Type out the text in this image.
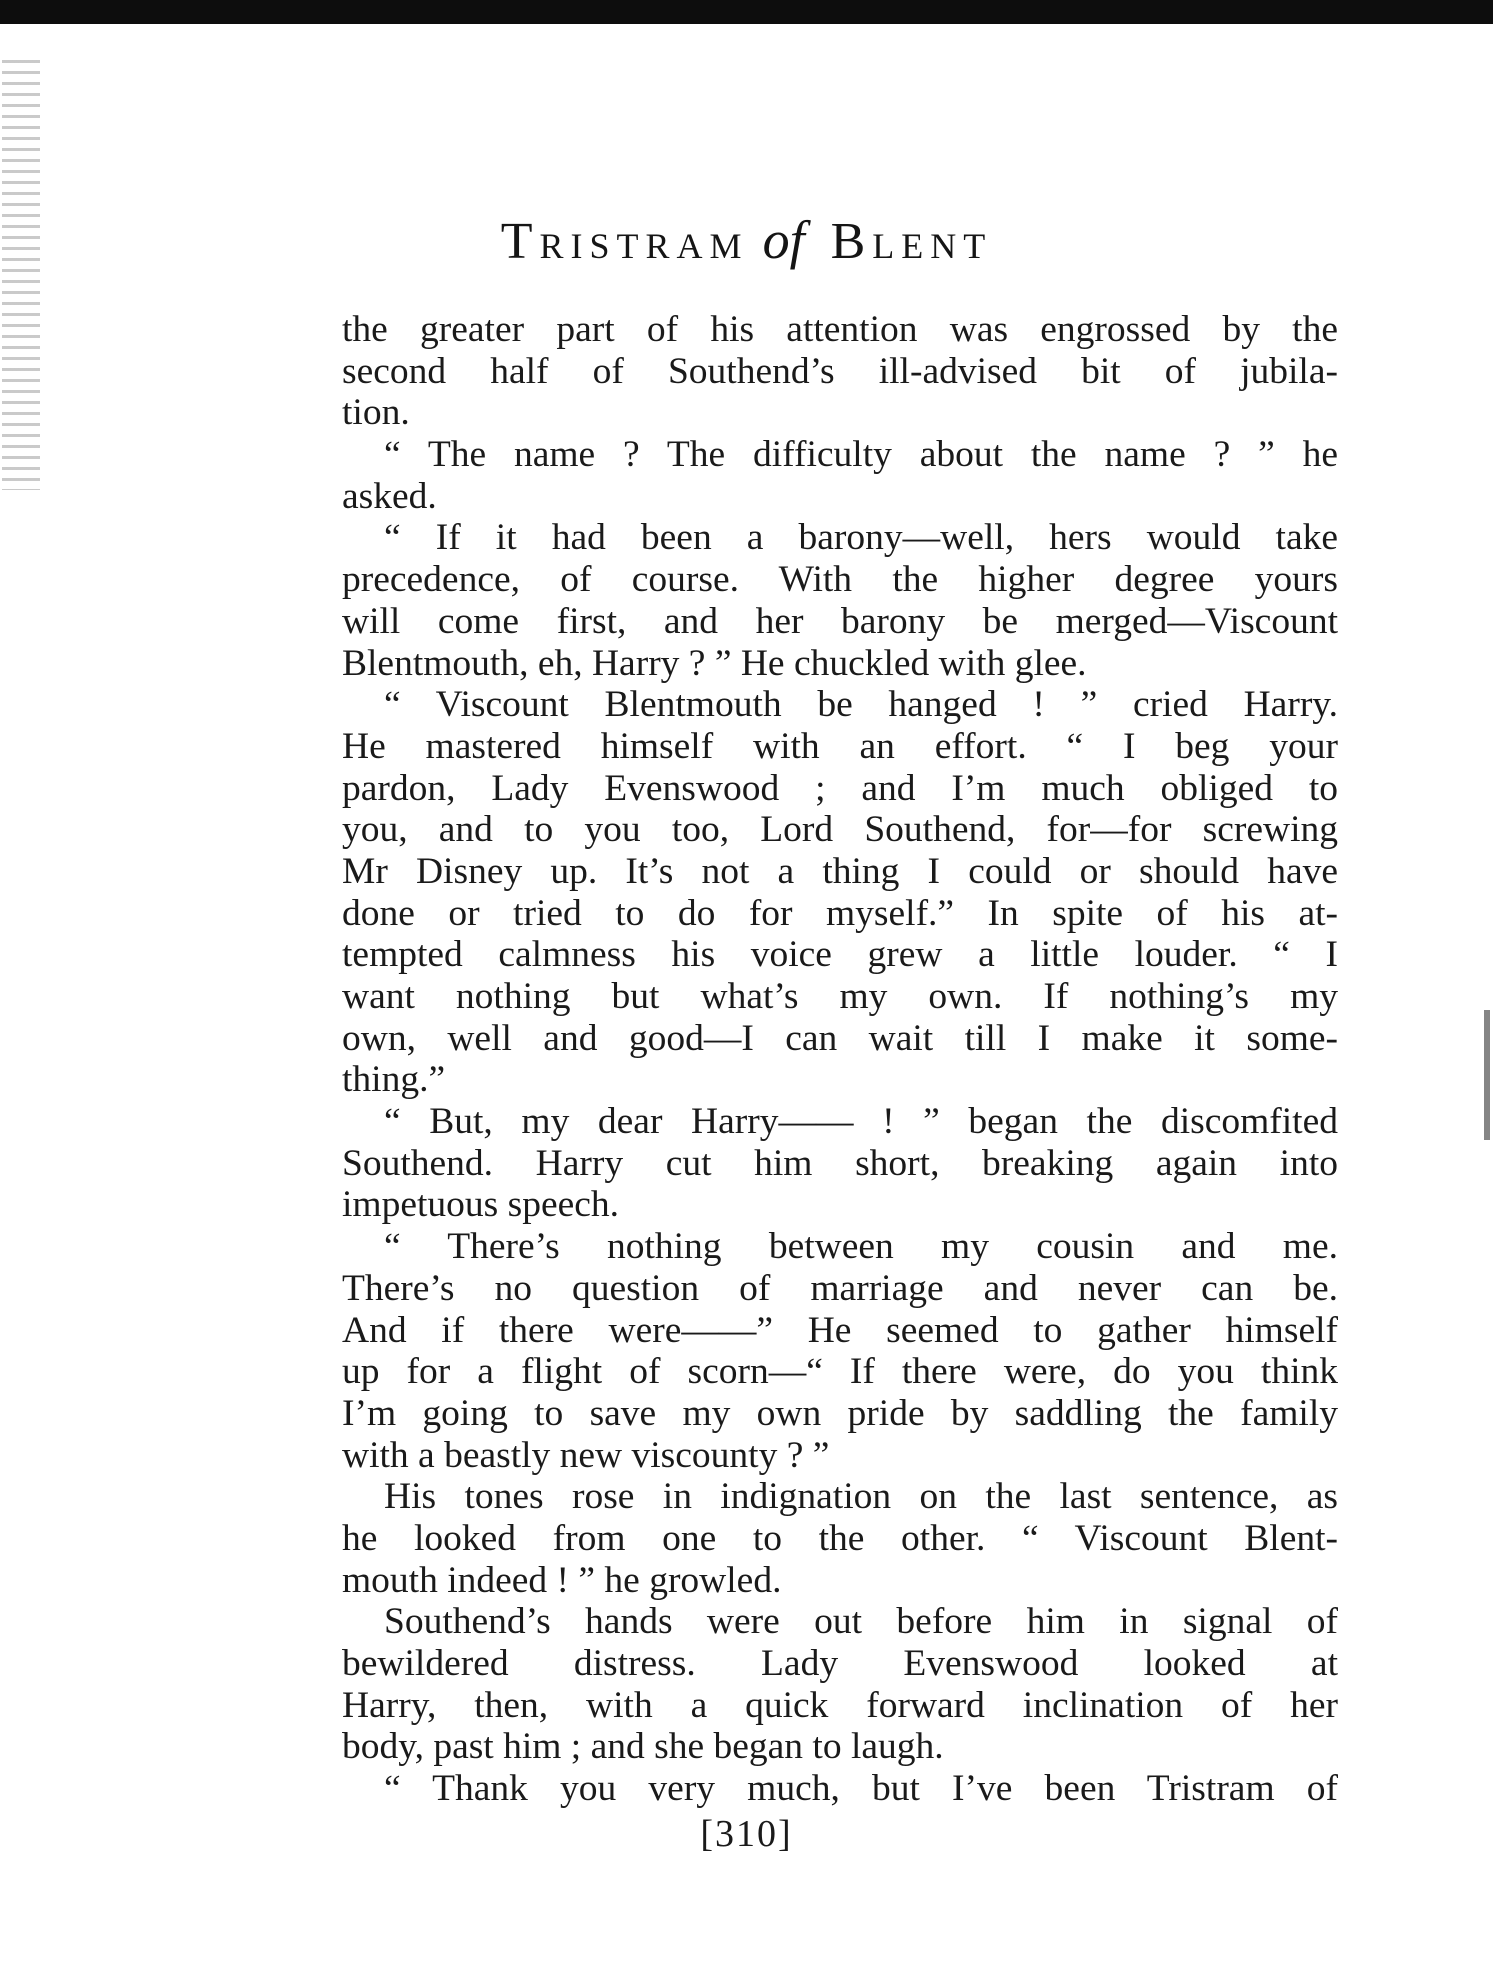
Tristram of Blent
the greater part of his attention was engrossed by the
second half of Southend’s ill-advised bit of jubila-
tion.
“ The name ? The difficulty about the name ? ” he
asked.
“ If it had been a barony—well, hers would take
precedence, of course. With the higher degree yours
will come first, and her barony be merged—Viscount
Blentmouth, eh, Harry ? ” He chuckled with glee.
“ Viscount Blentmouth be hanged ! ” cried Harry.
He mastered himself with an effort. “ I beg your
pardon, Lady Evenswood ; and I’m much obliged to
you, and to you too, Lord Southend, for—for screwing
Mr Disney up. It’s not a thing I could or should have
done or tried to do for myself.” In spite of his at-
tempted calmness his voice grew a little louder. “ I
want nothing but what’s my own. If nothing’s my
own, well and good—I can wait till I make it some-
thing.”
“ But, my dear Harry—— ! ” began the discomfited
Southend. Harry cut him short, breaking again into
impetuous speech.
“ There’s nothing between my cousin and me.
There’s no question of marriage and never can be.
And if there were——” He seemed to gather himself
up for a flight of scorn—“ If there were, do you think
I’m going to save my own pride by saddling the family
with a beastly new viscounty ? ”
His tones rose in indignation on the last sentence, as
he looked from one to the other. “ Viscount Blent-
mouth indeed ! ” he growled.
Southend’s hands were out before him in signal of
bewildered distress. Lady Evenswood looked at
Harry, then, with a quick forward inclination of her
body, past him ; and she began to laugh.
“ Thank you very much, but I’ve been Tristram of
[310]
